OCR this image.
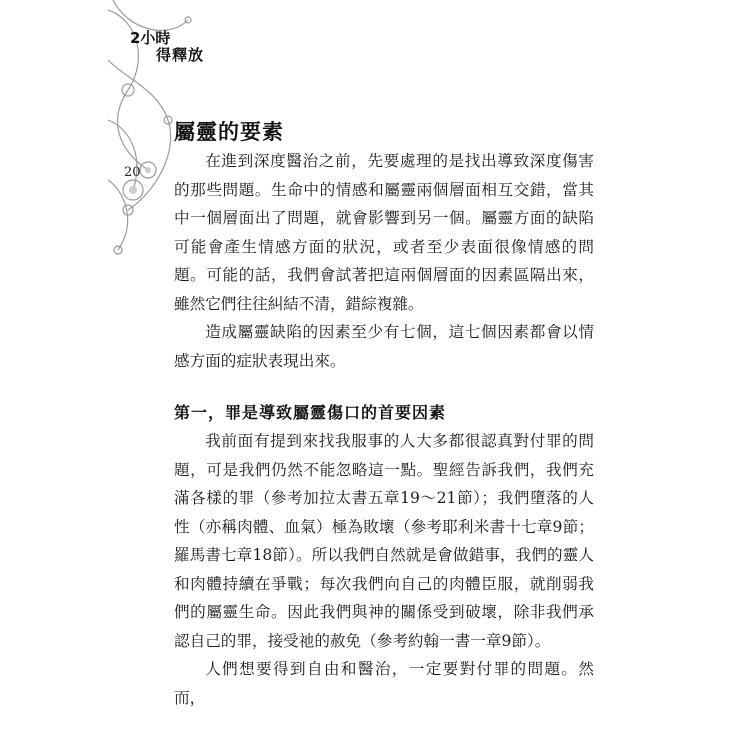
2小時
得釋放
20
屬靈的要素

在進到深度醫治之前，先要處理的是找出導致深度傷害的那些問題。生命中的情感和屬靈兩個層面相互交錯，當其中一個層面出了問題，就會影響到另一個。屬靈方面的缺陷可能會產生情感方面的狀況，或者至少表面很像情感的問題。可能的話，我們會試著把這兩個層面的因素區隔出來，雖然它們往往糾結不清，錯綜複雜。

造成屬靈缺陷的因素至少有七個，這七個因素都會以情感方面的症狀表現出來。

第一，罪是導致屬靈傷口的首要因素

我前面有提到來找我服事的人大多都很認真對付罪的問題，可是我們仍然不能忽略這一點。聖經告訴我們，我們充滿各樣的罪（參考加拉太書五章19～21節）；我們墮落的人性（亦稱肉體、血氣）極為敗壞（參考耶利米書十七章9節；羅馬書七章18節）。所以我們自然就是會做錯事，我們的靈人和肉體持續在爭戰；每次我們向自己的肉體臣服，就削弱我們的屬靈生命。因此我們與神的關係受到破壞，除非我們承認自己的罪，接受祂的赦免（參考約翰一書一章9節）。

人們想要得到自由和醫治，一定要對付罪的問題。然而，
